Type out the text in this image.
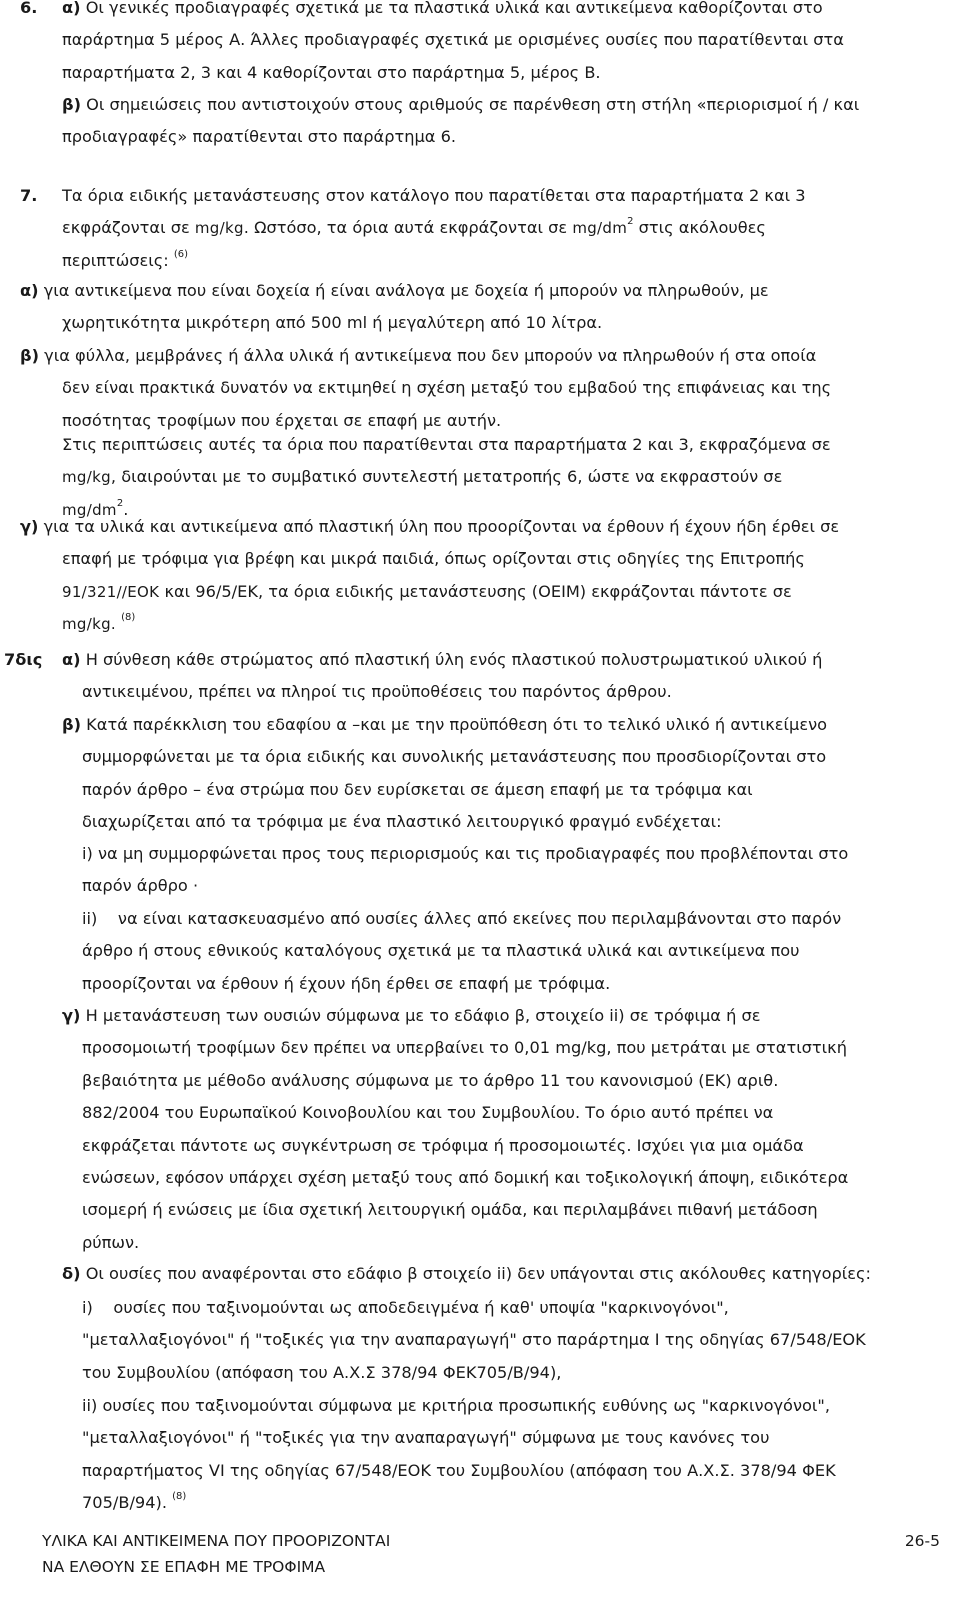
6. α) Οι γενικές προδιαγραφές σχετικά με τα πλαστικά υλικά και αντικείμενα καθορίζονται στο
παράρτημα 5 μέρος Α. Άλλες προδιαγραφές σχετικά με ορισμένες ουσίες που παρατίθενται στα
παραρτήματα 2, 3 και 4 καθορίζονται στο παράρτημα 5, μέρος Β.
β) Οι σημειώσεις που αντιστοιχούν στους αριθμούς σε παρένθεση στη στήλη «περιορισμοί ή / και
προδιαγραφές» παρατίθενται στο παράρτημα 6.
7. Τα όρια ειδικής μετανάστευσης στον κατάλογο που παρατίθεται στα παραρτήματα 2 και 3
εκφράζονται σε mg/kg. Ωστόσο, τα όρια αυτά εκφράζονται σε $mg/dm^2$ στις ακόλουθες
περιπτώσεις: $^{(6)}$
α) για αντικείμενα που είναι δοχεία ή είναι ανάλογα με δοχεία ή μπορούν να πληρωθούν, με
χωρητικότητα μικρότερη από 500 ml ή μεγαλύτερη από 10 λίτρα.
β) για φύλλα, μεμβράνες ή άλλα υλικά ή αντικείμενα που δεν μπορούν να πληρωθούν ή στα οποία
δεν είναι πρακτικά δυνατόν να εκτιμηθεί η σχέση μεταξύ του εμβαδού της επιφάνειας και της
ποσότητας τροφίμων που έρχεται σε επαφή με αυτήν.
Στις περιπτώσεις αυτές τα όρια που παρατίθενται στα παραρτήματα 2 και 3, εκφραζόμενα σε
mg/kg, διαιρούνται με το συμβατικό συντελεστή μετατροπής 6, ώστε να εκφραστούν σε
$mg/dm^2$.
γ) για τα υλικά και αντικείμενα από πλαστική ύλη που προορίζονται να έρθουν ή έχουν ήδη έρθει σε
επαφή με τρόφιμα για βρέφη και μικρά παιδιά, όπως ορίζονται στις οδηγίες της Επιτροπής
91/321//ΕΟΚ και 96/5/ΕΚ, τα όρια ειδικής μετανάστευσης (ΟΕΙΜ) εκφράζονται πάντοτε σε
mg/kg. $^{(8)}$
7δις α) Η σύνθεση κάθε στρώματος από πλαστική ύλη ενός πλαστικού πολυστρωματικού υλικού ή
αντικειμένου, πρέπει να πληροί τις προϋποθέσεις του παρόντος άρθρου.
β) Κατά παρέκκλιση του εδαφίου α –και με την προϋπόθεση ότι το τελικό υλικό ή αντικείμενο
συμμορφώνεται με τα όρια ειδικής και συνολικής μετανάστευσης που προσδιορίζονται στο
παρόν άρθρο – ένα στρώμα που δεν ευρίσκεται σε άμεση επαφή με τα τρόφιμα και
διαχωρίζεται από τα τρόφιμα με ένα πλαστικό λειτουργικό φραγμό ενδέχεται:
i) να μη συμμορφώνεται προς τους περιορισμούς και τις προδιαγραφές που προβλέπονται στο
παρόν άρθρο ·
ii) να είναι κατασκευασμένο από ουσίες άλλες από εκείνες που περιλαμβάνονται στο παρόν
άρθρο ή στους εθνικούς καταλόγους σχετικά με τα πλαστικά υλικά και αντικείμενα που
προορίζονται να έρθουν ή έχουν ήδη έρθει σε επαφή με τρόφιμα.
γ) Η μετανάστευση των ουσιών σύμφωνα με το εδάφιο β, στοιχείο ii) σε τρόφιμα ή σε
προσομοιωτή τροφίμων δεν πρέπει να υπερβαίνει το 0,01 mg/kg, που μετράται με στατιστική
βεβαιότητα με μέθοδο ανάλυσης σύμφωνα με το άρθρο 11 του κανονισμού (ΕΚ) αριθ.
882/2004 του Ευρωπαϊκού Κοινοβουλίου και του Συμβουλίου. Το όριο αυτό πρέπει να
εκφράζεται πάντοτε ως συγκέντρωση σε τρόφιμα ή προσομοιωτές. Ισχύει για μια ομάδα
ενώσεων, εφόσον υπάρχει σχέση μεταξύ τους από δομική και τοξικολογική άποψη, ειδικότερα
ισομερή ή ενώσεις με ίδια σχετική λειτουργική ομάδα, και περιλαμβάνει πιθανή μετάδοση
ρύπων.
δ) Οι ουσίες που αναφέρονται στο εδάφιο β στοιχείο ii) δεν υπάγονται στις ακόλουθες κατηγορίες:
i) ουσίες που ταξινομούνται ως αποδεδειγμένα ή καθ' υποψία "καρκινογόνοι",
"μεταλλαξιογόνοι" ή "τοξικές για την αναπαραγωγή" στο παράρτημα Ι της οδηγίας 67/548/ΕΟΚ
του Συμβουλίου (απόφαση του Α.Χ.Σ 378/94 ΦΕΚ705/Β/94),
ii) ουσίες που ταξινομούνται σύμφωνα με κριτήρια προσωπικής ευθύνης ως "καρκινογόνοι",
"μεταλλαξιογόνοι" ή "τοξικές για την αναπαραγωγή" σύμφωνα με τους κανόνες του
παραρτήματος VI της οδηγίας 67/548/ΕΟΚ του Συμβουλίου (απόφαση του Α.Χ.Σ. 378/94 ΦΕΚ
705/Β/94). $^{(8)}$
ΥΛΙΚΑ ΚΑΙ ΑΝΤΙΚΕΙΜΕΝΑ ΠΟΥ ΠΡΟΟΡΙΖΟΝΤΑΙ
ΝΑ ΕΛΘΟΥΝ ΣΕ ΕΠΑΦΗ ΜΕ ΤΡΟΦΙΜΑ
26-5
